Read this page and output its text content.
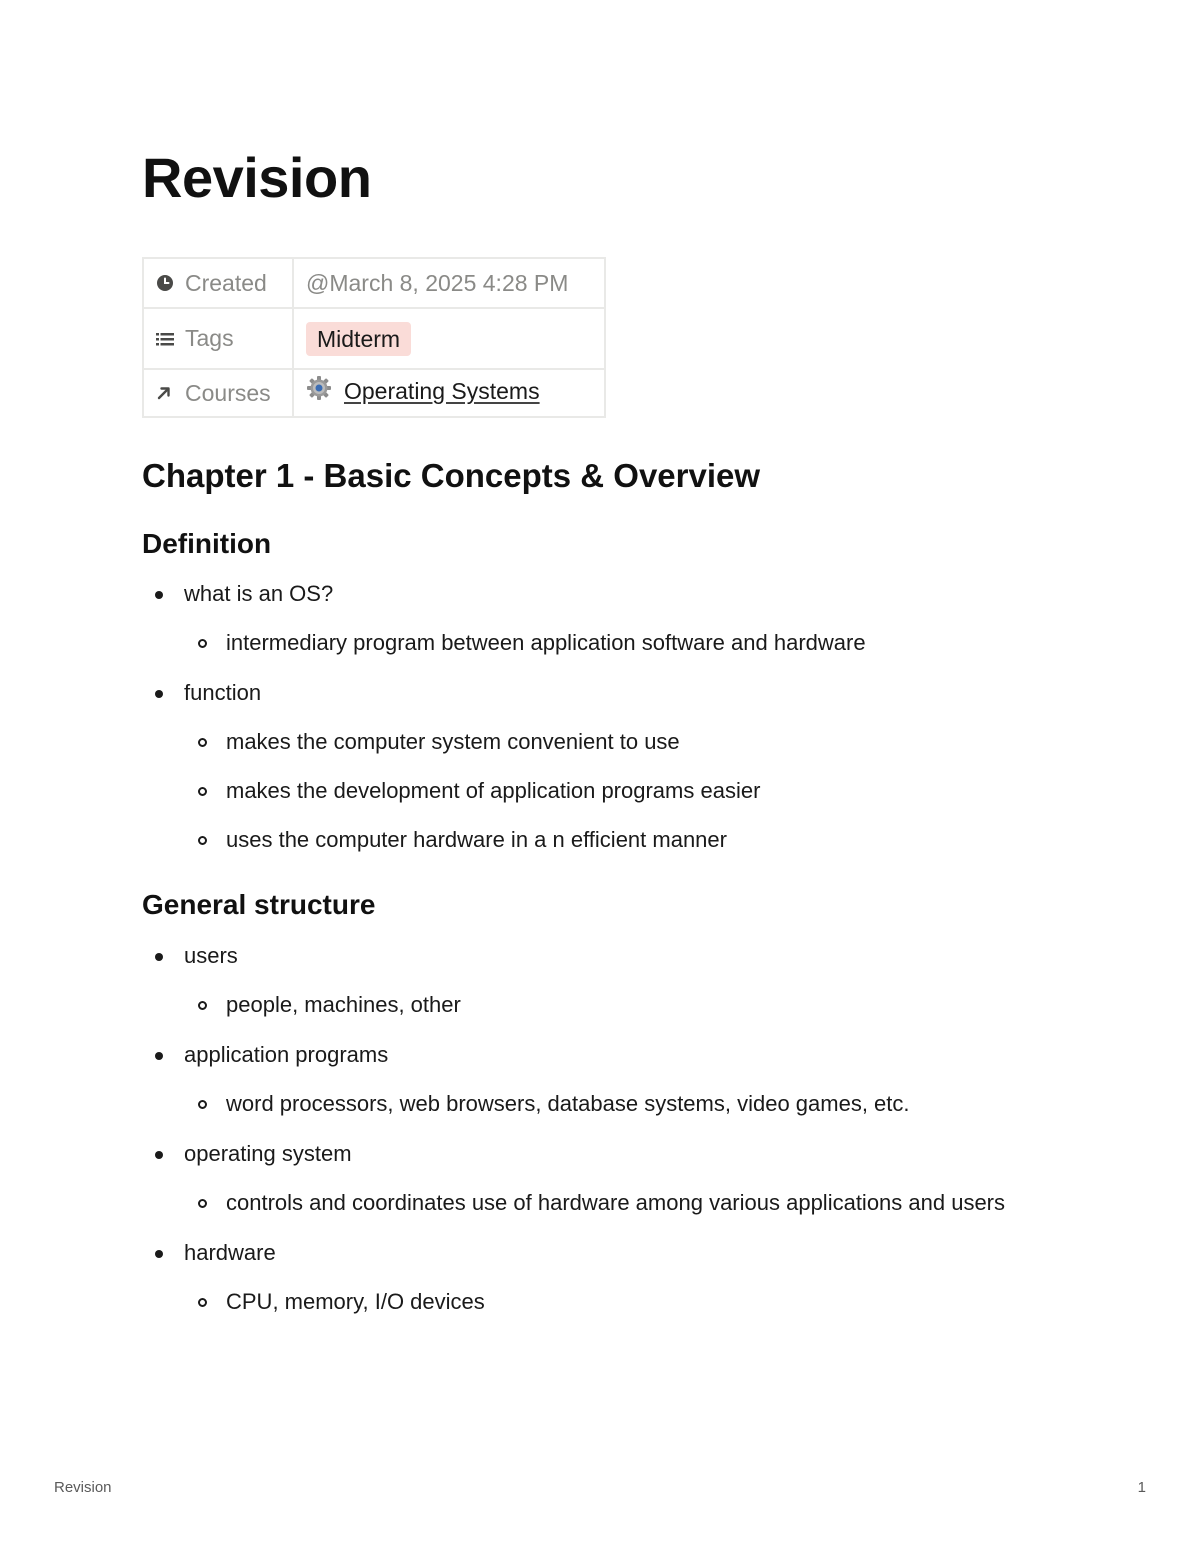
Revision
Created	@March 8, 2025 4:28 PM

Tags	Midterm

Courses	Operating Systems
Chapter 1 - Basic Concepts & Overview
Definition
what is an OS?
intermediary program between application software and hardware
function
makes the computer system convenient to use
makes the development of application programs easier
uses the computer hardware in a n efficient manner
General structure
users
people, machines, other
application programs
word processors, web browsers, database systems, video games, etc.
operating system
controls and coordinates use of hardware among various applications and users
hardware
CPU, memory, I/O devices
Revision	1
